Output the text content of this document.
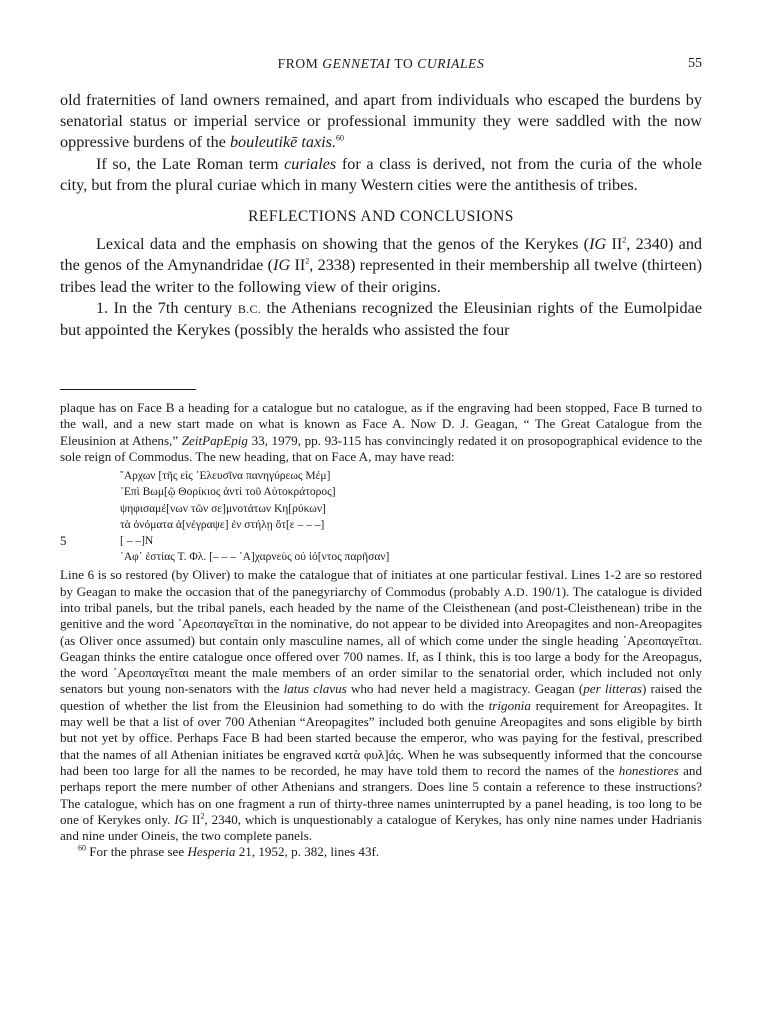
FROM GENNETAI TO CURIALES	55

old fraternities of land owners remained, and apart from individuals who escaped the burdens by senatorial status or imperial service or professional immunity they were saddled with the now oppressive burdens of the bouleutikē taxis.$^{60}$

If so, the Late Roman term curiales for a class is derived, not from the curia of the whole city, but from the plural curiae which in many Western cities were the antithesis of tribes.

REFLECTIONS AND CONCLUSIONS

Lexical data and the emphasis on showing that the genos of the Kerykes (IG $II^2$, 2340) and the genos of the Amynandridae (IG $II^2$, 2338) represented in their membership all twelve (thirteen) tribes lead the writer to the following view of their origins.

1. In the 7th century B.C. the Athenians recognized the Eleusinian rights of the Eumolpidae but appointed the Kerykes (possibly the heralds who assisted the four

plaque has on Face B a heading for a catalogue but no catalogue, as if the engraving had been stopped, Face B turned to the wall, and a new start made on what is known as Face A. Now D. J. Geagan, “ The Great Catalogue from the Eleusinion at Athens,” ZeitPapEpig 33, 1979, pp. 93-115 has convincingly redated it on prosopographical evidence to the sole reign of Commodus. The new heading, that on Face A, may have read:

῎Αρχων [τῆς εἰς ᾿Ελευσῖνα πανηγύρεως Μέμ]
᾿Επὶ Βωμ[ῷ Θορίκιος ἀντὶ τοῦ Αὐτοκράτορος]
ψηφισαμέ[νων τῶν σε]μνοτάτων Κη[ρύκων]
τὰ ὀνόματα ἀ[νέγραψε] ἐν στήλῃ ὅτ[ε – – –]
5	[ – –]Ν
᾿Αφ᾿ ἑστίας Τ. Φλ. [– – – ᾿Α]χαρνεὺς οὐ ἰό[ντος παρῆσαν]

Line 6 is so restored (by Oliver) to make the catalogue that of initiates at one particular festival. Lines 1-2 are so restored by Geagan to make the occasion that of the panegyriarchy of Commodus (probably A.D. 190/1). The catalogue is divided into tribal panels, but the tribal panels, each headed by the name of the Cleisthenean (and post-Cleisthenean) tribe in the genitive and the word ᾿Αρεοπαγεῖται in the nominative, do not appear to be divided into Areopagites and non-Areopagites (as Oliver once assumed) but contain only masculine names, all of which come under the single heading ᾿Αρεοπαγεῖται. Geagan thinks the entire catalogue once offered over 700 names. If, as I think, this is too large a body for the Areopagus, the word ᾿Αρεοπαγεῖται meant the male members of an order similar to the senatorial order, which included not only senators but young non-senators with the latus clavus who had never held a magistracy. Geagan (per litteras) raised the question of whether the list from the Eleusinion had something to do with the trigonia requirement for Areopagites. It may well be that a list of over 700 Athenian “Areopagites” included both genuine Areopagites and sons eligible by birth but not yet by office. Perhaps Face B had been started because the emperor, who was paying for the festival, prescribed that the names of all Athenian initiates be engraved κατὰ φυλ]άς. When he was subsequently informed that the concourse had been too large for all the names to be recorded, he may have told them to record the names of the honestiores and perhaps report the mere number of other Athenians and strangers. Does line 5 contain a reference to these instructions? The catalogue, which has on one fragment a run of thirty-three names uninterrupted by a panel heading, is too long to be one of Kerykes only. IG $II^2$, 2340, which is unquestionably a catalogue of Kerykes, has only nine names under Hadrianis and nine under Oineis, the two complete panels.

$^{60}$ For the phrase see Hesperia 21, 1952, p. 382, lines 43f.
